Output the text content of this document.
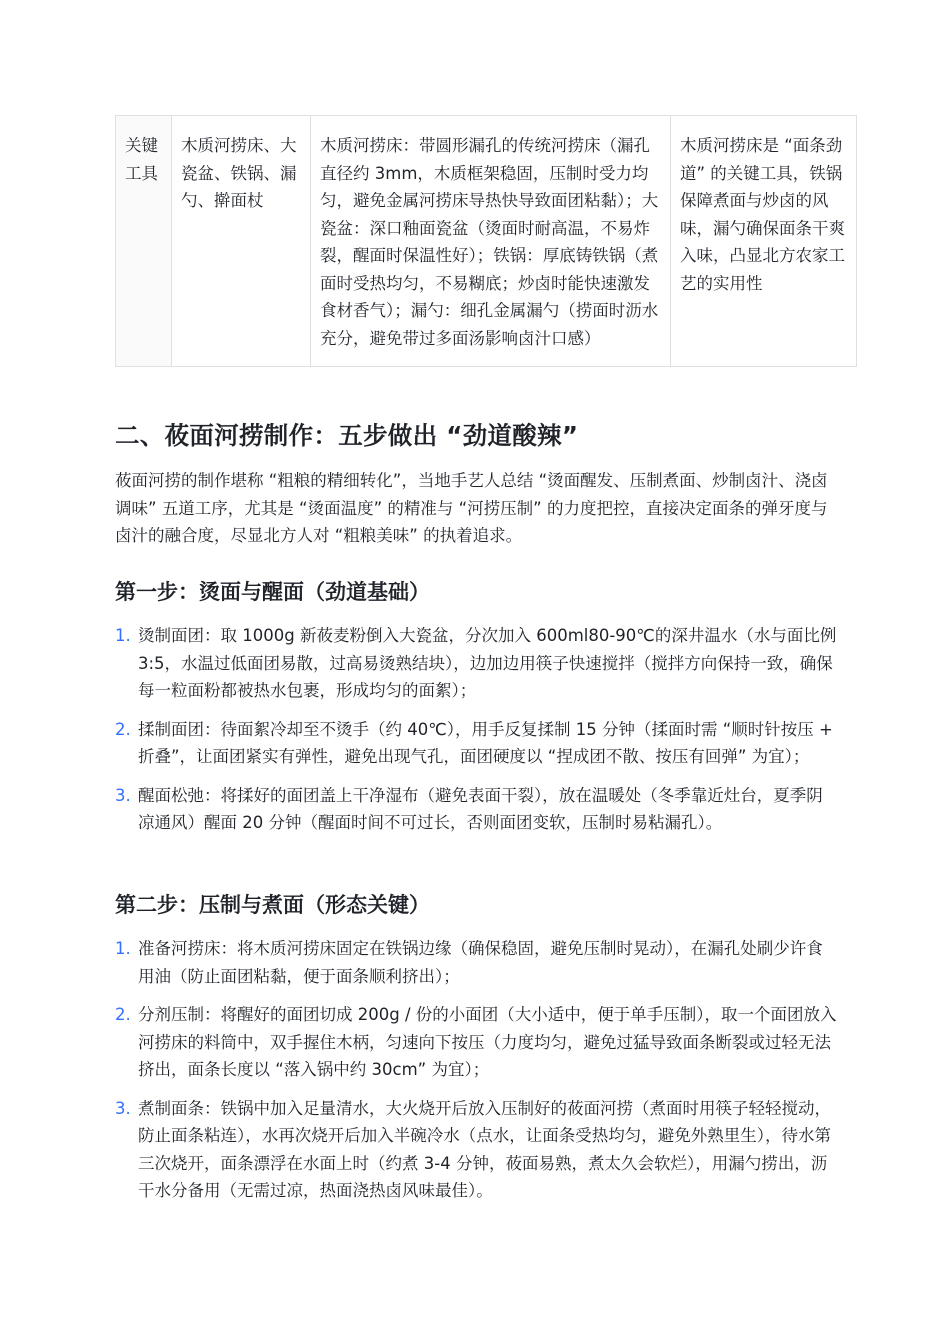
关键工具	木质河捞床、大瓷盆、铁锅、漏勺、擀面杖	木质河捞床：带圆形漏孔的传统河捞床（漏孔直径约 3mm，木质框架稳固，压制时受力均匀，避免金属河捞床导热快导致面团粘黏）；大瓷盆：深口釉面瓷盆（烫面时耐高温，不易炸裂，醒面时保温性好）；铁锅：厚底铸铁锅（煮面时受热均匀，不易糊底；炒卤时能快速激发食材香气）；漏勺：细孔金属漏勺（捞面时沥水充分，避免带过多面汤影响卤汁口感）	木质河捞床是 “面条劲道” 的关键工具，铁锅保障煮面与炒卤的风味，漏勺确保面条干爽入味，凸显北方农家工艺的实用性
二、莜面河捞制作：五步做出 “劲道酸辣”

莜面河捞的制作堪称 “粗粮的精细转化”，当地手艺人总结 “烫面醒发、压制煮面、炒制卤汁、浇卤调味” 五道工序，尤其是 “烫面温度” 的精准与 “河捞压制” 的力度把控，直接决定面条的弹牙度与卤汁的融合度，尽显北方人对 “粗粮美味” 的执着追求。

第一步：烫面与醒面（劲道基础）
1. 烫制面团：取 1000g 新莜麦粉倒入大瓷盆，分次加入 600ml80-90℃的深井温水（水与面比例 3:5，水温过低面团易散，过高易烫熟结块），边加边用筷子快速搅拌（搅拌方向保持一致，确保每一粒面粉都被热水包裹，形成均匀的面絮）；
2. 揉制面团：待面絮冷却至不烫手（约 40℃），用手反复揉制 15 分钟（揉面时需 “顺时针按压 + 折叠”，让面团紧实有弹性，避免出现气孔，面团硬度以 “捏成团不散、按压有回弹” 为宜）；
3. 醒面松弛：将揉好的面团盖上干净湿布（避免表面干裂），放在温暖处（冬季靠近灶台，夏季阴凉通风）醒面 20 分钟（醒面时间不可过长，否则面团变软，压制时易粘漏孔）。
第二步：压制与煮面（形态关键）
1. 准备河捞床：将木质河捞床固定在铁锅边缘（确保稳固，避免压制时晃动），在漏孔处刷少许食用油（防止面团粘黏，便于面条顺利挤出）；
2. 分剂压制：将醒好的面团切成 200g / 份的小面团（大小适中，便于单手压制），取一个面团放入河捞床的料筒中，双手握住木柄，匀速向下按压（力度均匀，避免过猛导致面条断裂或过轻无法挤出，面条长度以 “落入锅中约 30cm” 为宜）；
3. 煮制面条：铁锅中加入足量清水，大火烧开后放入压制好的莜面河捞（煮面时用筷子轻轻搅动，防止面条粘连），水再次烧开后加入半碗冷水（点水，让面条受热均匀，避免外熟里生），待水第三次烧开，面条漂浮在水面上时（约煮 3-4 分钟，莜面易熟，煮太久会软烂），用漏勺捞出，沥干水分备用（无需过凉，热面浇热卤风味最佳）。
